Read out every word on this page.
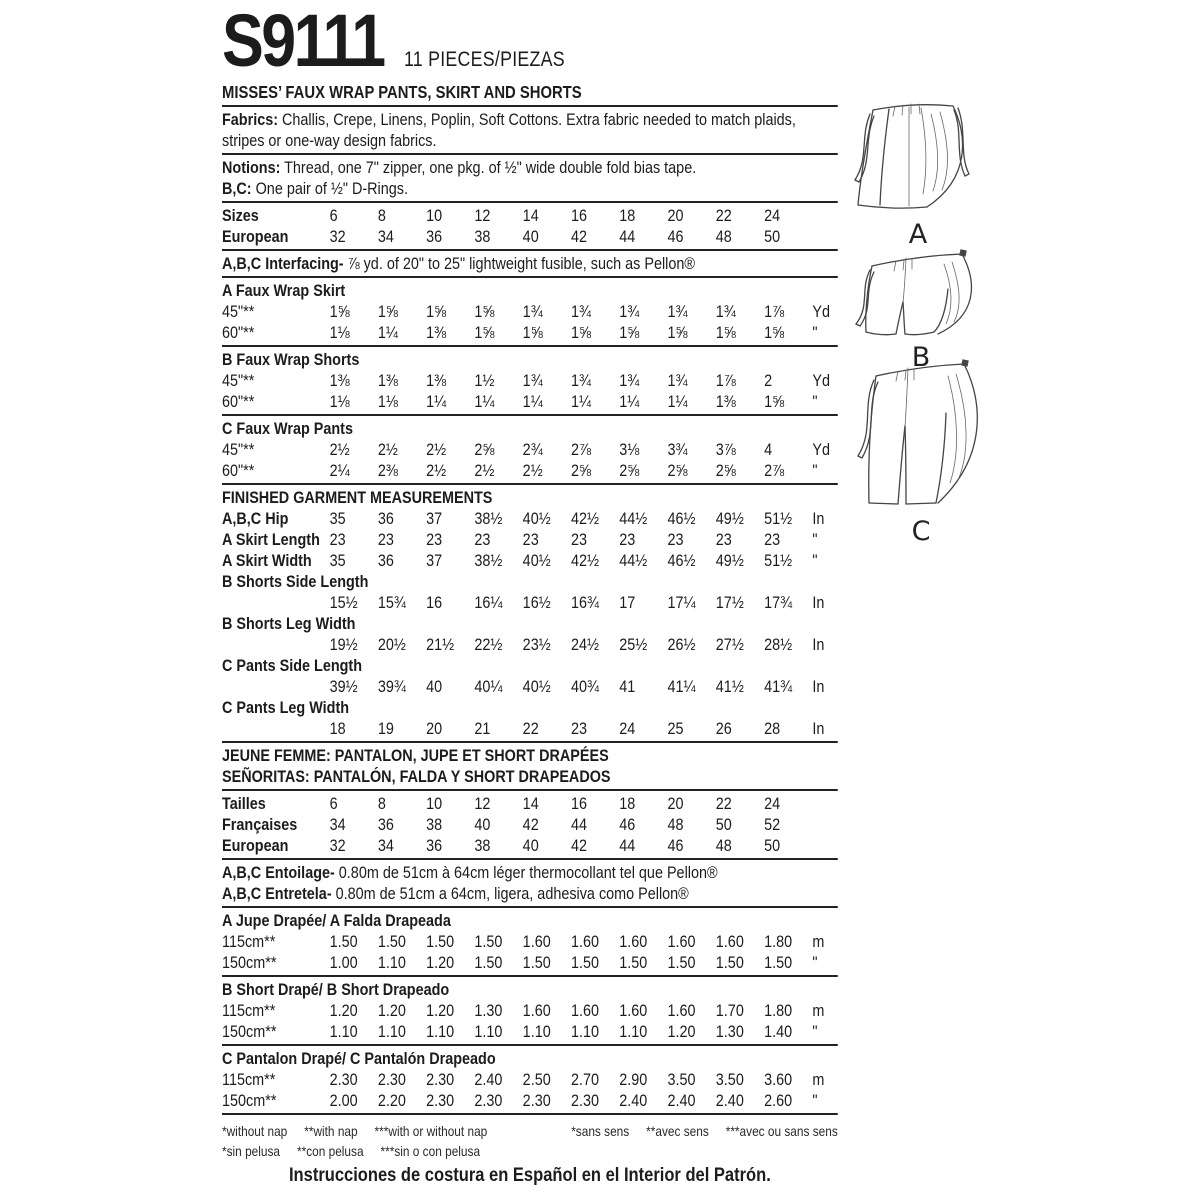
S9111 11 PIECES/PIEZAS
MISSES’ FAUX WRAP PANTS, SKIRT AND SHORTS

Fabrics: Challis, Crepe, Linens, Poplin, Soft Cottons. Extra fabric needed to match plaids, stripes or one-way design fabrics.

Notions: Thread, one 7" zipper, one pkg. of ½" wide double fold bias tape.

B,C: One pair of ½" D-Rings.

Sizes	6	8	10	12	14	16	18	20	22	24
European	32	34	36	38	40	42	44	46	48	50

A,B,C Interfacing- ⅞ yd. of 20" to 25" lightweight fusible, such as Pellon®

A Faux Wrap Skirt
45"**	1⅝	1⅝	1⅝	1⅝	1¾	1¾	1¾	1¾	1¾	1⅞	Yd
60"**	1⅛	1¼	1⅜	1⅝	1⅝	1⅝	1⅝	1⅝	1⅝	1⅝	"
B Faux Wrap Shorts
45"**	1⅜	1⅜	1⅜	1½	1¾	1¾	1¾	1¾	1⅞	2	Yd
60"**	1⅛	1⅛	1¼	1¼	1¼	1¼	1¼	1¼	1⅜	1⅝	"
C Faux Wrap Pants
45"**	2½	2½	2½	2⅝	2¾	2⅞	3⅛	3¾	3⅞	4	Yd
60"**	2¼	2⅜	2½	2½	2½	2⅝	2⅝	2⅝	2⅝	2⅞	"
FINISHED GARMENT MEASUREMENTS
A,B,C Hip	35	36	37	38½	40½	42½	44½	46½	49½	51½	In
A Skirt Length 23	23	23	23	23	23	23	23	23	23	"
A Skirt Width	35	36	37	38½	40½	42½	44½	46½	49½	51½	"
B Shorts Side Length
15½	15¾	16	16¼	16½	16¾	17	17¼	17½	17¾	In
B Shorts Leg Width
19½	20½	21½	22½	23½	24½	25½	26½	27½	28½	In
C Pants Side Length
39½	39¾	40	40¼	40½	40¾	41	41¼	41½	41¾	In
C Pants Leg Width
18	19	20	21	22	23	24	25	26	28	In
JEUNE FEMME: PANTALON, JUPE ET SHORT DRAPÉES
SEÑORITAS: PANTALÓN, FALDA Y SHORT DRAPEADOS
Tailles	6	8	10	12	14	16	18	20	22	24
Françaises	34	36	38	40	42	44	46	48	50	52
European	32	34	36	38	40	42	44	46	48	50

A,B,C Entoilage- 0.80m de 51cm à 64cm léger thermocollant tel que Pellon®

A,B,C Entretela- 0.80m de 51cm a 64cm, ligera, adhesiva como Pellon®

A Jupe Drapée/ A Falda Drapeada
115cm**	1.50	1.50	1.50	1.50	1.60	1.60	1.60	1.60	1.60	1.80	m
150cm**	1.00	1.10	1.20	1.50	1.50	1.50	1.50	1.50	1.50	1.50	"
B Short Drapé/ B Short Drapeado
115cm**	1.20	1.20	1.20	1.30	1.60	1.60	1.60	1.60	1.70	1.80	m
150cm**	1.10	1.10	1.10	1.10	1.10	1.10	1.10	1.20	1.30	1.40	"
C Pantalon Drapé/ C Pantalón Drapeado
115cm**	2.30	2.30	2.30	2.40	2.50	2.70	2.90	3.50	3.50	3.60	m
150cm**	2.00	2.20	2.30	2.30	2.30	2.30	2.40	2.40	2.40	2.60	"
*without nap **with nap ***with or without nap	*sans sens **avec sens ***avec ou sans sens
*sin pelusa **con pelusa ***sin o con pelusa
Instrucciones de costura en Español en el Interior del Patrón.
A
B
C
